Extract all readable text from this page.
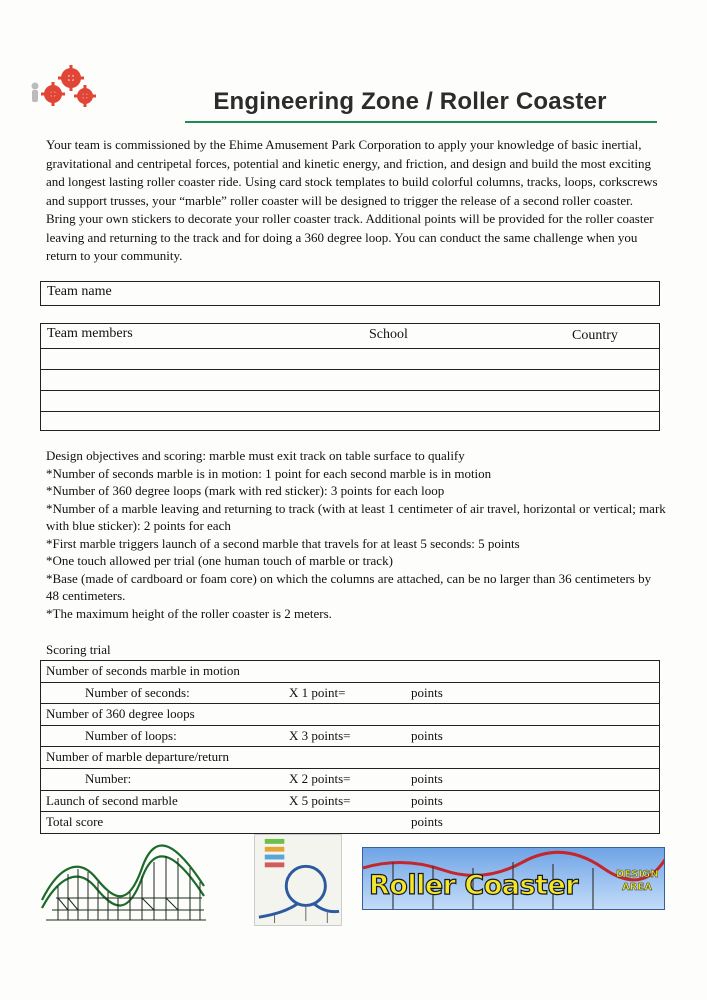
Engineering Zone / Roller Coaster
Your team is commissioned by the Ehime Amusement Park Corporation to apply your knowledge of basic inertial, gravitational and centripetal forces, potential and kinetic energy, and friction, and design and build the most exciting and longest lasting roller coaster ride. Using card stock templates to build colorful columns, tracks, loops, corkscrews and support trusses, your “marble” roller coaster will be designed to trigger the release of a second roller coaster. Bring your own stickers to decorate your roller coaster track. Additional points will be provided for the roller coaster leaving and returning to the track and for doing a 360 degree loop. You can conduct the same challenge when you return to your community.
Team name
Team members	School	Country
Design objectives and scoring: marble must exit track on table surface to qualify
*Number of seconds marble is in motion: 1 point for each second marble is in motion
*Number of 360 degree loops (mark with red sticker): 3 points for each loop
*Number of a marble leaving and returning to track (with at least 1 centimeter of air travel, horizontal or vertical; mark with blue sticker): 2 points for each
*First marble triggers launch of a second marble that travels for at least 5 seconds: 5 points
*One touch allowed per trial (one human touch of marble or track)
*Base (made of cardboard or foam core) on which the columns are attached, can be no larger than 36 centimeters by 48 centimeters.
*The maximum height of the roller coaster is 2 meters.
Scoring trial
Number of seconds marble in motion
Number of seconds:	X 1 point=	points
Number of 360 degree loops
Number of loops:	X 3 points=	points
Number of marble departure/return
Number:	X 2 points=	points
Launch of second marble	X 5 points=	points
Total score	points
Roller Coaster	DESIGN
AREA
